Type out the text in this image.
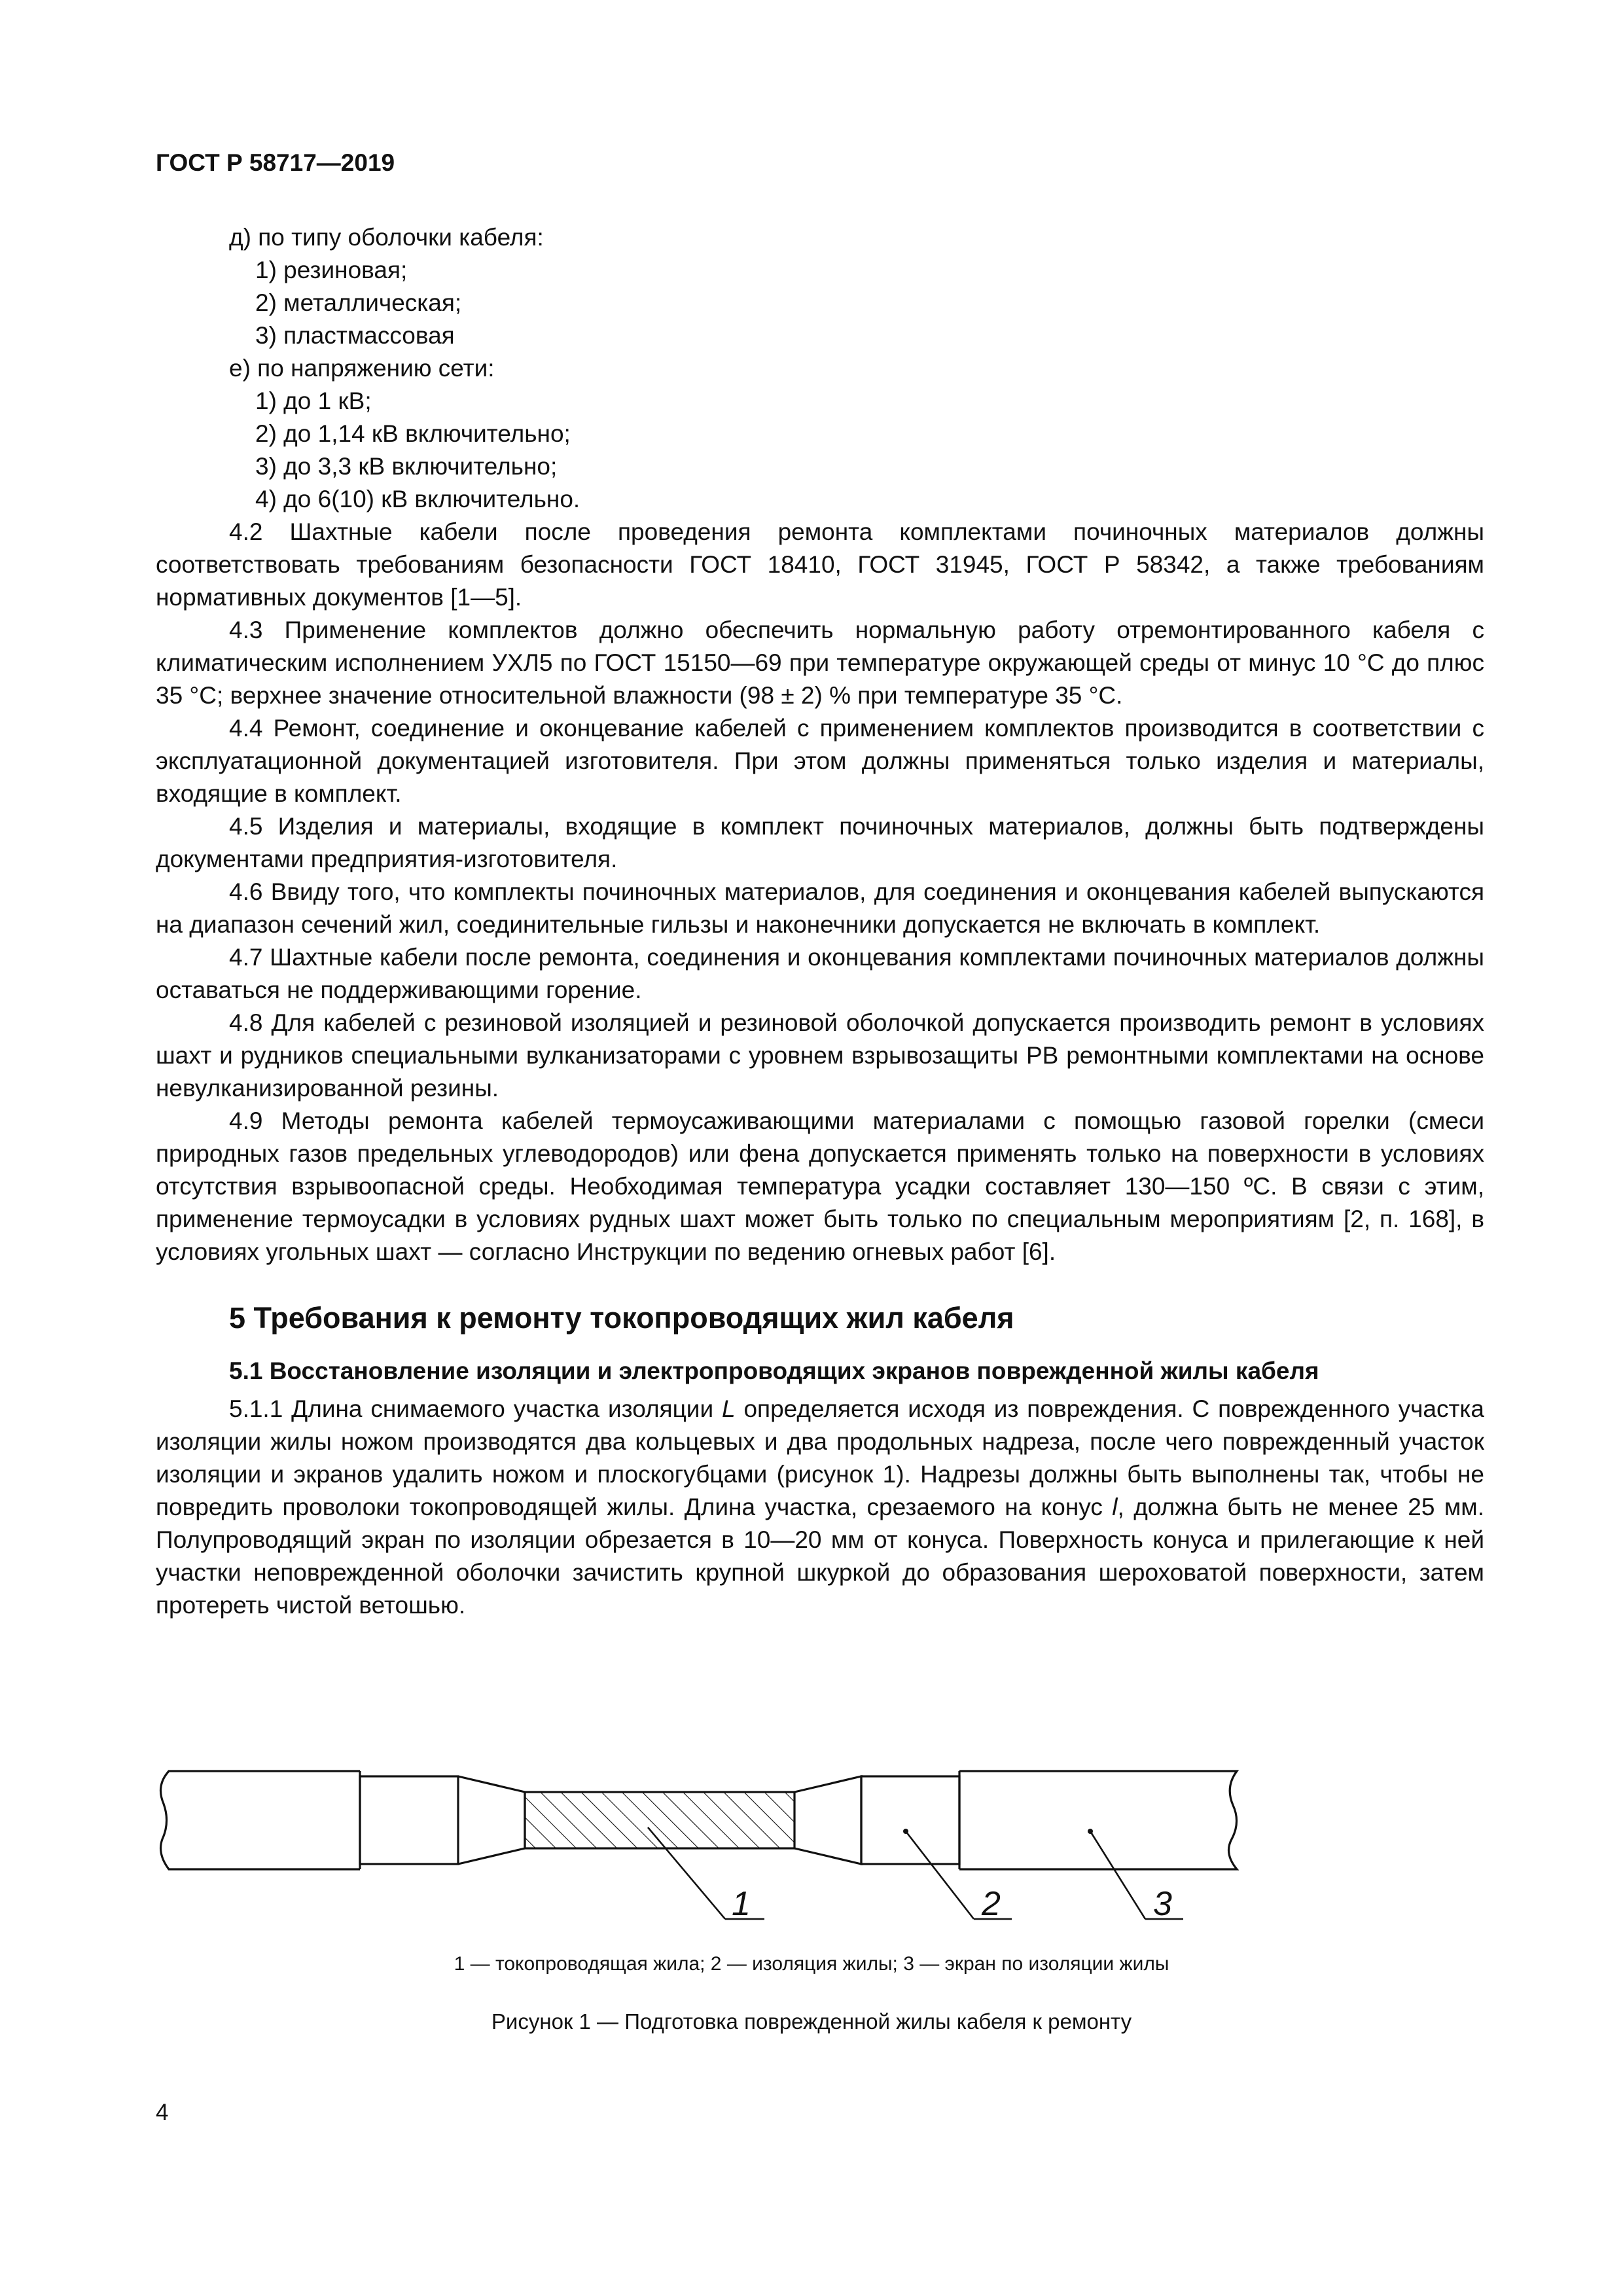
ГОСТ Р 58717—2019

д) по типу оболочки кабеля:

1) резиновая;

2) металлическая;

3) пластмассовая

е) по напряжению сети:

1) до 1 кВ;

2) до 1,14 кВ включительно;

3) до 3,3 кВ включительно;

4) до 6(10) кВ включительно.

4.2 Шахтные кабели после проведения ремонта комплектами починочных материалов должны соответствовать требованиям безопасности ГОСТ 18410, ГОСТ 31945, ГОСТ Р 58342, а также требованиям нормативных документов [1—5].

4.3 Применение комплектов должно обеспечить нормальную работу отремонтированного кабеля с климатическим исполнением УХЛ5 по ГОСТ 15150—69 при температуре окружающей среды от минус 10 °С до плюс 35 °С; верхнее значение относительной влажности (98 ± 2) % при температуре 35 °С.

4.4 Ремонт, соединение и оконцевание кабелей с применением комплектов производится в соответствии с эксплуатационной документацией изготовителя. При этом должны применяться только изделия и материалы, входящие в комплект.

4.5 Изделия и материалы, входящие в комплект починочных материалов, должны быть подтверждены документами предприятия-изготовителя.

4.6 Ввиду того, что комплекты починочных материалов, для соединения и оконцевания кабелей выпускаются на диапазон сечений жил, соединительные гильзы и наконечники допускается не включать в комплект.

4.7 Шахтные кабели после ремонта, соединения и оконцевания комплектами починочных материалов должны оставаться не поддерживающими горение.

4.8 Для кабелей с резиновой изоляцией и резиновой оболочкой допускается производить ремонт в условиях шахт и рудников специальными вулканизаторами с уровнем взрывозащиты РВ ремонтными комплектами на основе невулканизированной резины.

4.9 Методы ремонта кабелей термоусаживающими материалами с помощью газовой горелки (смеси природных газов предельных углеводородов) или фена допускается применять только на поверхности в условиях отсутствия взрывоопасной среды. Необходимая температура усадки составляет 130—150 ºС. В связи с этим, применение термоусадки в условиях рудных шахт может быть только по специальным мероприятиям [2, п. 168], в условиях угольных шахт — согласно Инструкции по ведению огневых работ [6].

5 Требования к ремонту токопроводящих жил кабеля

5.1 Восстановление изоляции и электропроводящих экранов поврежденной жилы кабеля

5.1.1 Длина снимаемого участка изоляции L определяется исходя из повреждения. С поврежденного участка изоляции жилы ножом производятся два кольцевых и два продольных надреза, после чего поврежденный участок изоляции и экранов удалить ножом и плоскогубцами (рисунок 1). Надрезы должны быть выполнены так, чтобы не повредить проволоки токопроводящей жилы. Длина участка, срезаемого на конус l, должна быть не менее 25 мм. Полупроводящий экран по изоляции обрезается в 10—20 мм от конуса. Поверхность конуса и прилегающие к ней участки неповрежденной оболочки зачистить крупной шкуркой до образования шероховатой поверхности, затем протереть чистой ветошью.

1	2	3
1 — токопроводящая жила; 2 — изоляция жилы; 3 — экран по изоляции жилы
Рисунок 1 — Подготовка поврежденной жилы кабеля к ремонту
4
